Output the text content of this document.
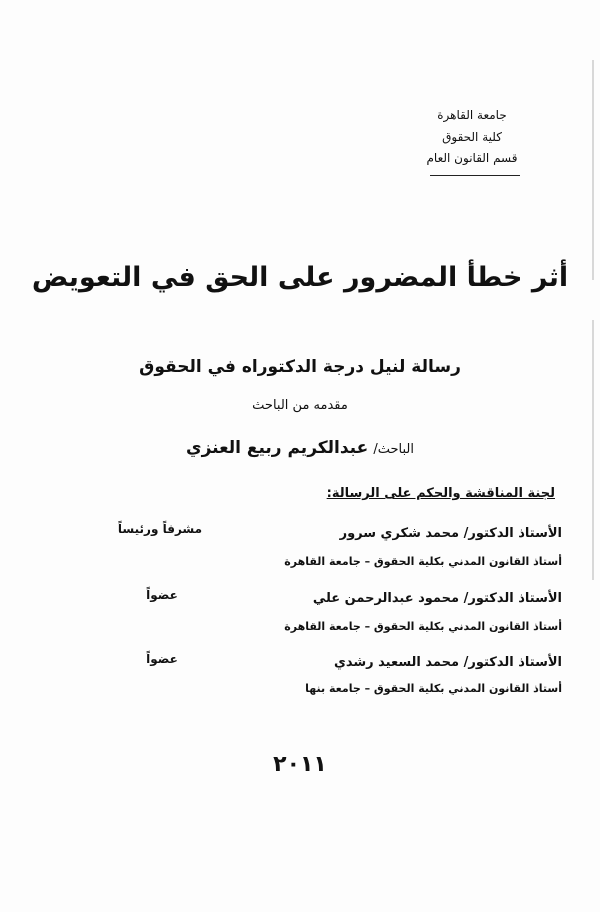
جامعة القاهرة
كلية الحقوق
قسم القانون العام
أثر خطأ المضرور على الحق في التعويض
رسالة لنيل درجة الدكتوراه في الحقوق
مقدمه من الباحث
الباحث/ عبدالكريم ربيع العنزي
لجنة المناقشة والحكم على الرسالة:
الأستاذ الدكتور/ محمد شكري سرور
أستاذ القانون المدني بكلية الحقوق – جامعة القاهرة
مشرفاً ورئيساً
الأستاذ الدكتور/ محمود عبدالرحمن علي
أستاذ القانون المدني بكلية الحقوق – جامعة القاهرة
عضواً
الأستاذ الدكتور/ محمد السعيد رشدي
أستاذ القانون المدني بكلية الحقوق – جامعة بنها
عضواً
٢٠١١
